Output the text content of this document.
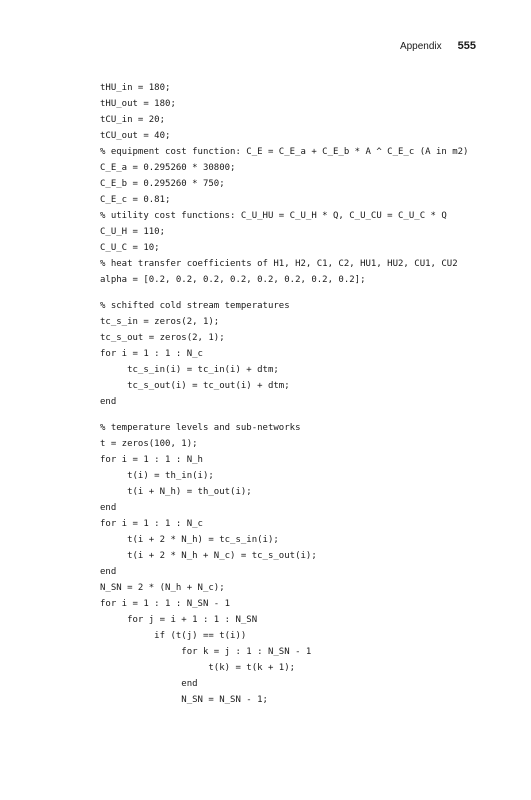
Appendix 555
tHU_in = 180;
tHU_out = 180;
tCU_in = 20;
tCU_out = 40;
% equipment cost function: C_E = C_E_a + C_E_b * A ^ C_E_c (A in m2)
C_E_a = 0.295260 * 30800;
C_E_b = 0.295260 * 750;
C_E_c = 0.81;
% utility cost functions: C_U_HU = C_U_H * Q, C_U_CU = C_U_C * Q
C_U_H = 110;
C_U_C = 10;
% heat transfer coefficients of H1, H2, C1, C2, HU1, HU2, CU1, CU2
alpha = [0.2, 0.2, 0.2, 0.2, 0.2, 0.2, 0.2, 0.2];
% schifted cold stream temperatures
tc_s_in = zeros(2, 1);
tc_s_out = zeros(2, 1);
for i = 1 : 1 : N_c
tc_s_in(i) = tc_in(i) + dtm;
tc_s_out(i) = tc_out(i) + dtm;
end
% temperature levels and sub-networks
t = zeros(100, 1);
for i = 1 : 1 : N_h
t(i) = th_in(i);
t(i + N_h) = th_out(i);
end
for i = 1 : 1 : N_c
t(i + 2 * N_h) = tc_s_in(i);
t(i + 2 * N_h + N_c) = tc_s_out(i);
end
N_SN = 2 * (N_h + N_c);
for i = 1 : 1 : N_SN - 1
for j = i + 1 : 1 : N_SN
if (t(j) == t(i))
for k = j : 1 : N_SN - 1
t(k) = t(k + 1);
end
N_SN = N_SN - 1;
